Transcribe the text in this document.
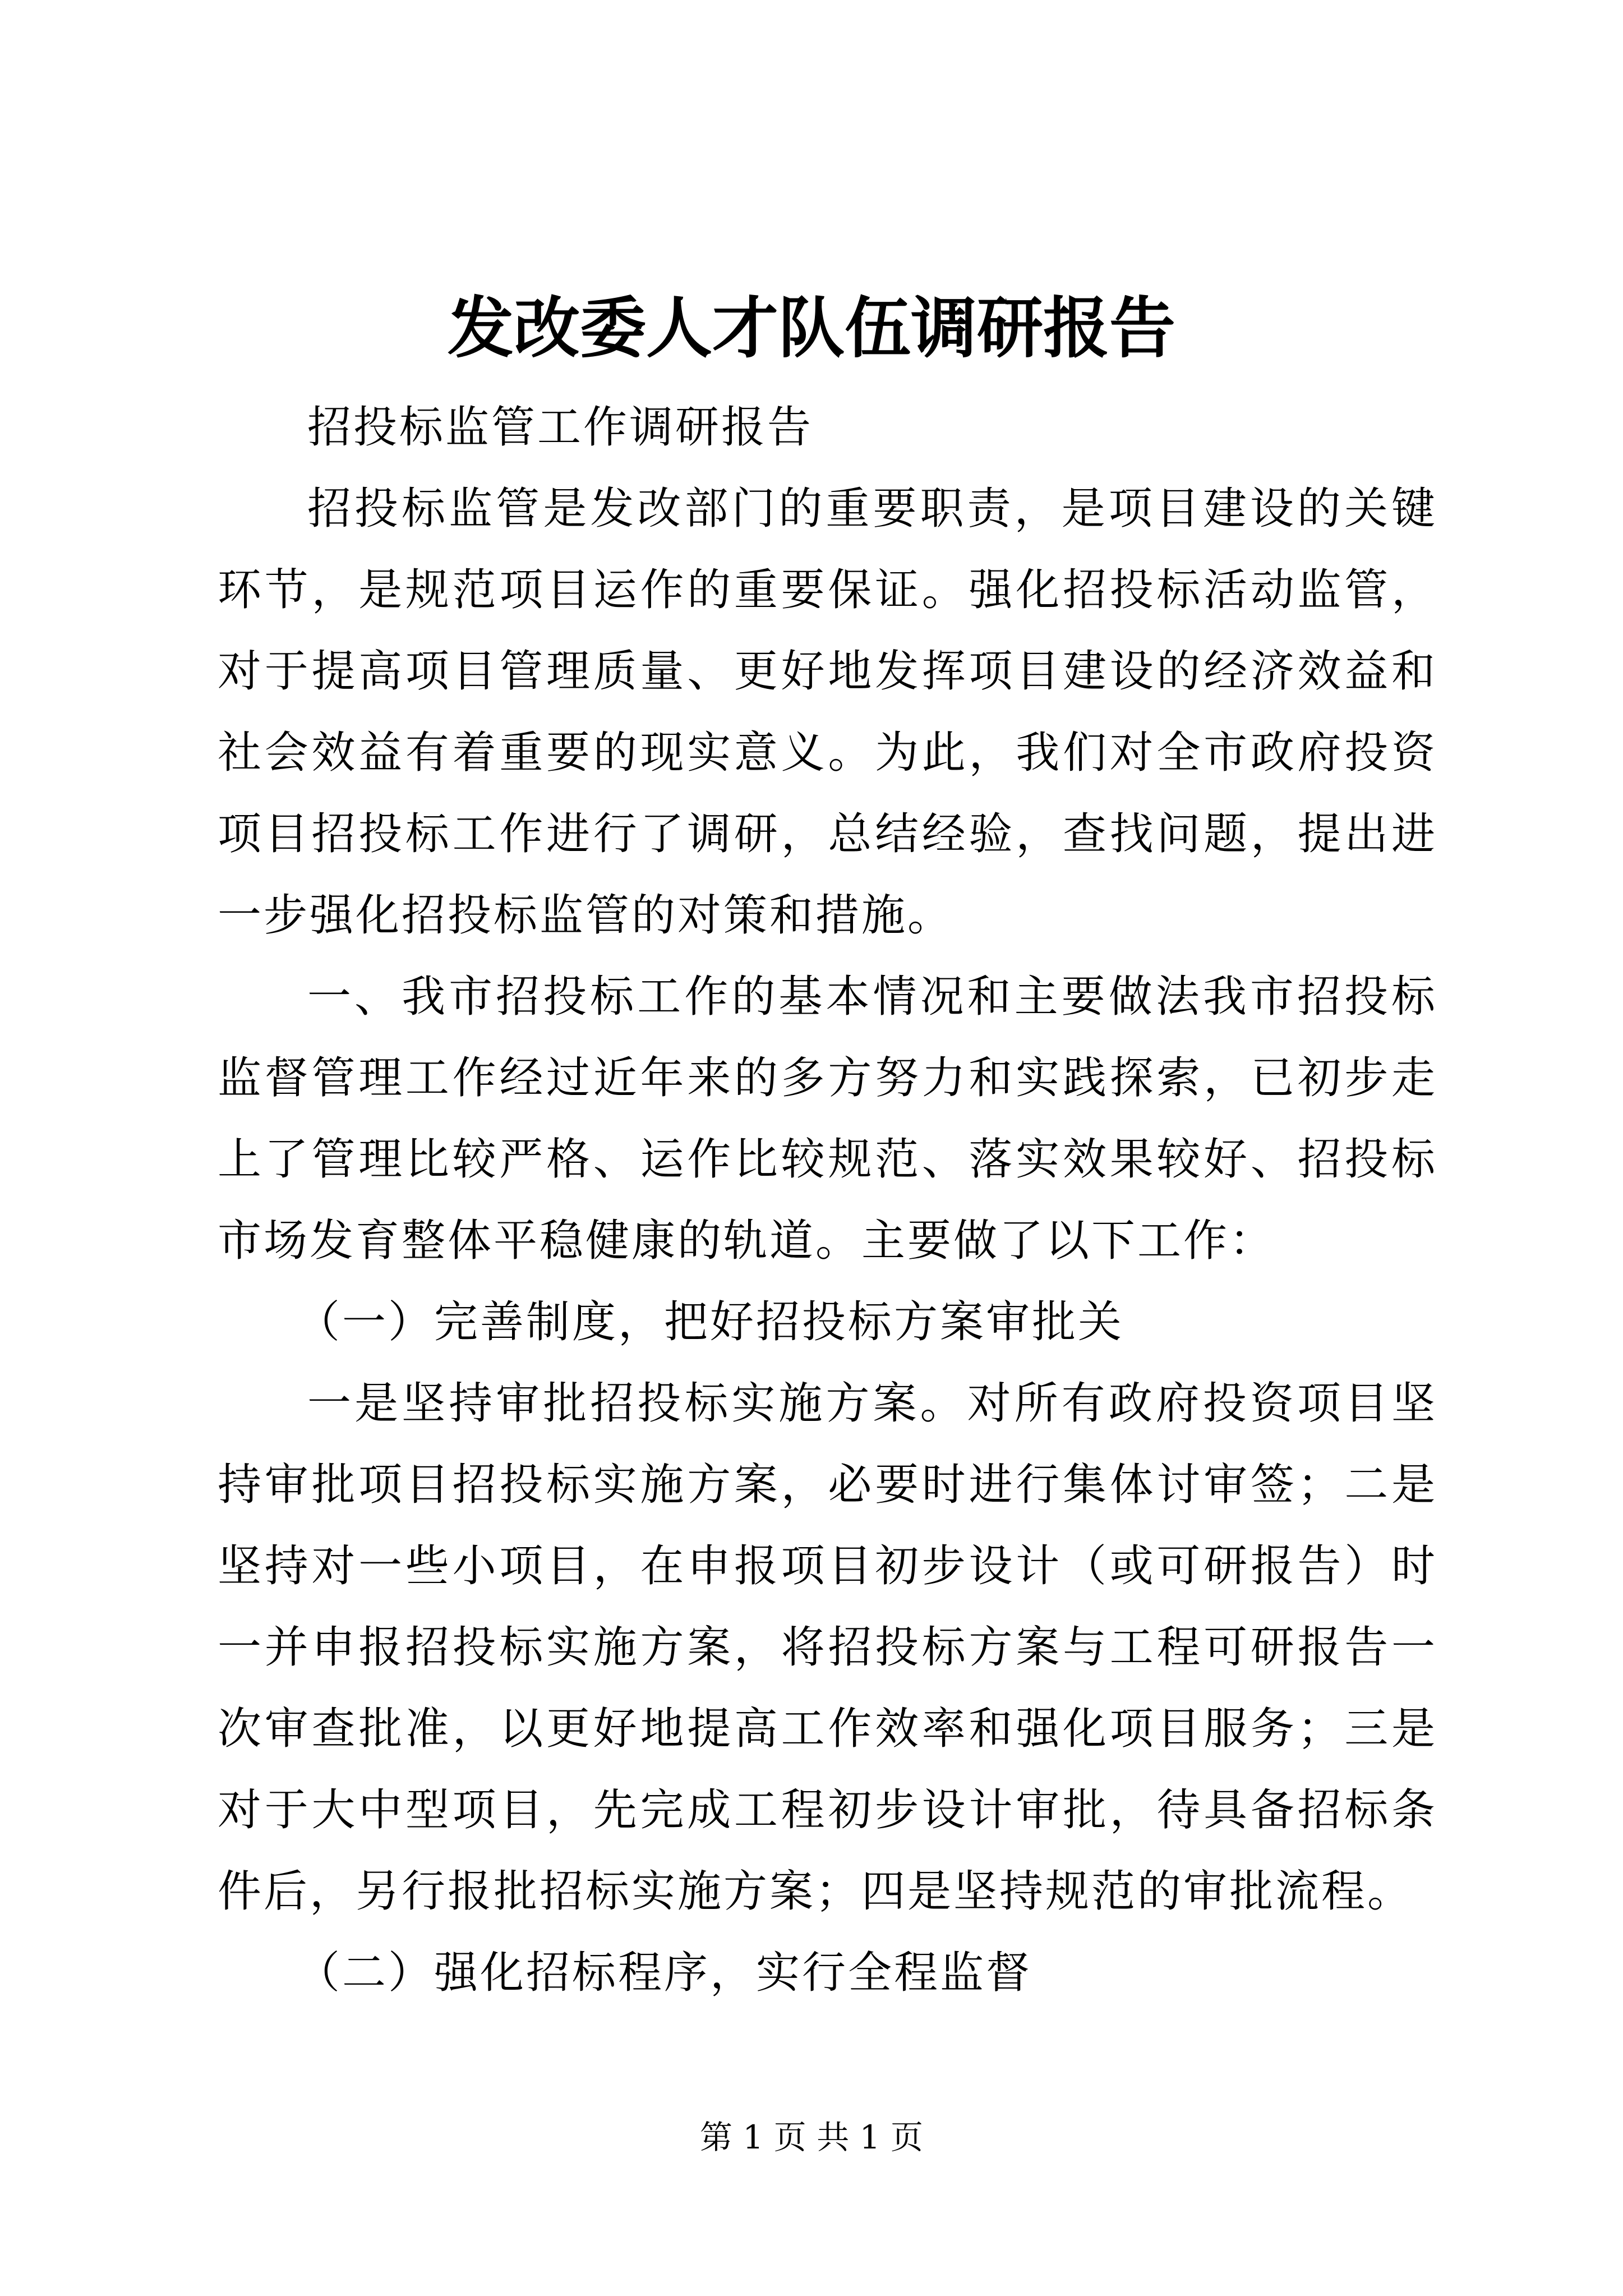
发改委人才队伍调研报告

招投标监管工作调研报告

招投标监管是发改部门的重要职责，是项目建设的关键环节，是规范项目运作的重要保证。强化招投标活动监管，对于提高项目管理质量、更好地发挥项目建设的经济效益和社会效益有着重要的现实意义。为此，我们对全市政府投资项目招投标工作进行了调研，总结经验，查找问题，提出进一步强化招投标监管的对策和措施。

一、我市招投标工作的基本情况和主要做法我市招投标监督管理工作经过近年来的多方努力和实践探索，已初步走上了管理比较严格、运作比较规范、落实效果较好、招投标市场发育整体平稳健康的轨道。主要做了以下工作：

（一）完善制度，把好招投标方案审批关

一是坚持审批招投标实施方案。对所有政府投资项目坚持审批项目招投标实施方案，必要时进行集体讨审签；二是坚持对一些小项目，在申报项目初步设计（或可研报告）时一并申报招投标实施方案，将招投标方案与工程可研报告一次审查批准，以更好地提高工作效率和强化项目服务；三是对于大中型项目，先完成工程初步设计审批，待具备招标条件后，另行报批招标实施方案；四是坚持规范的审批流程。

（二）强化招标程序，实行全程监督

第 1 页 共 1 页
